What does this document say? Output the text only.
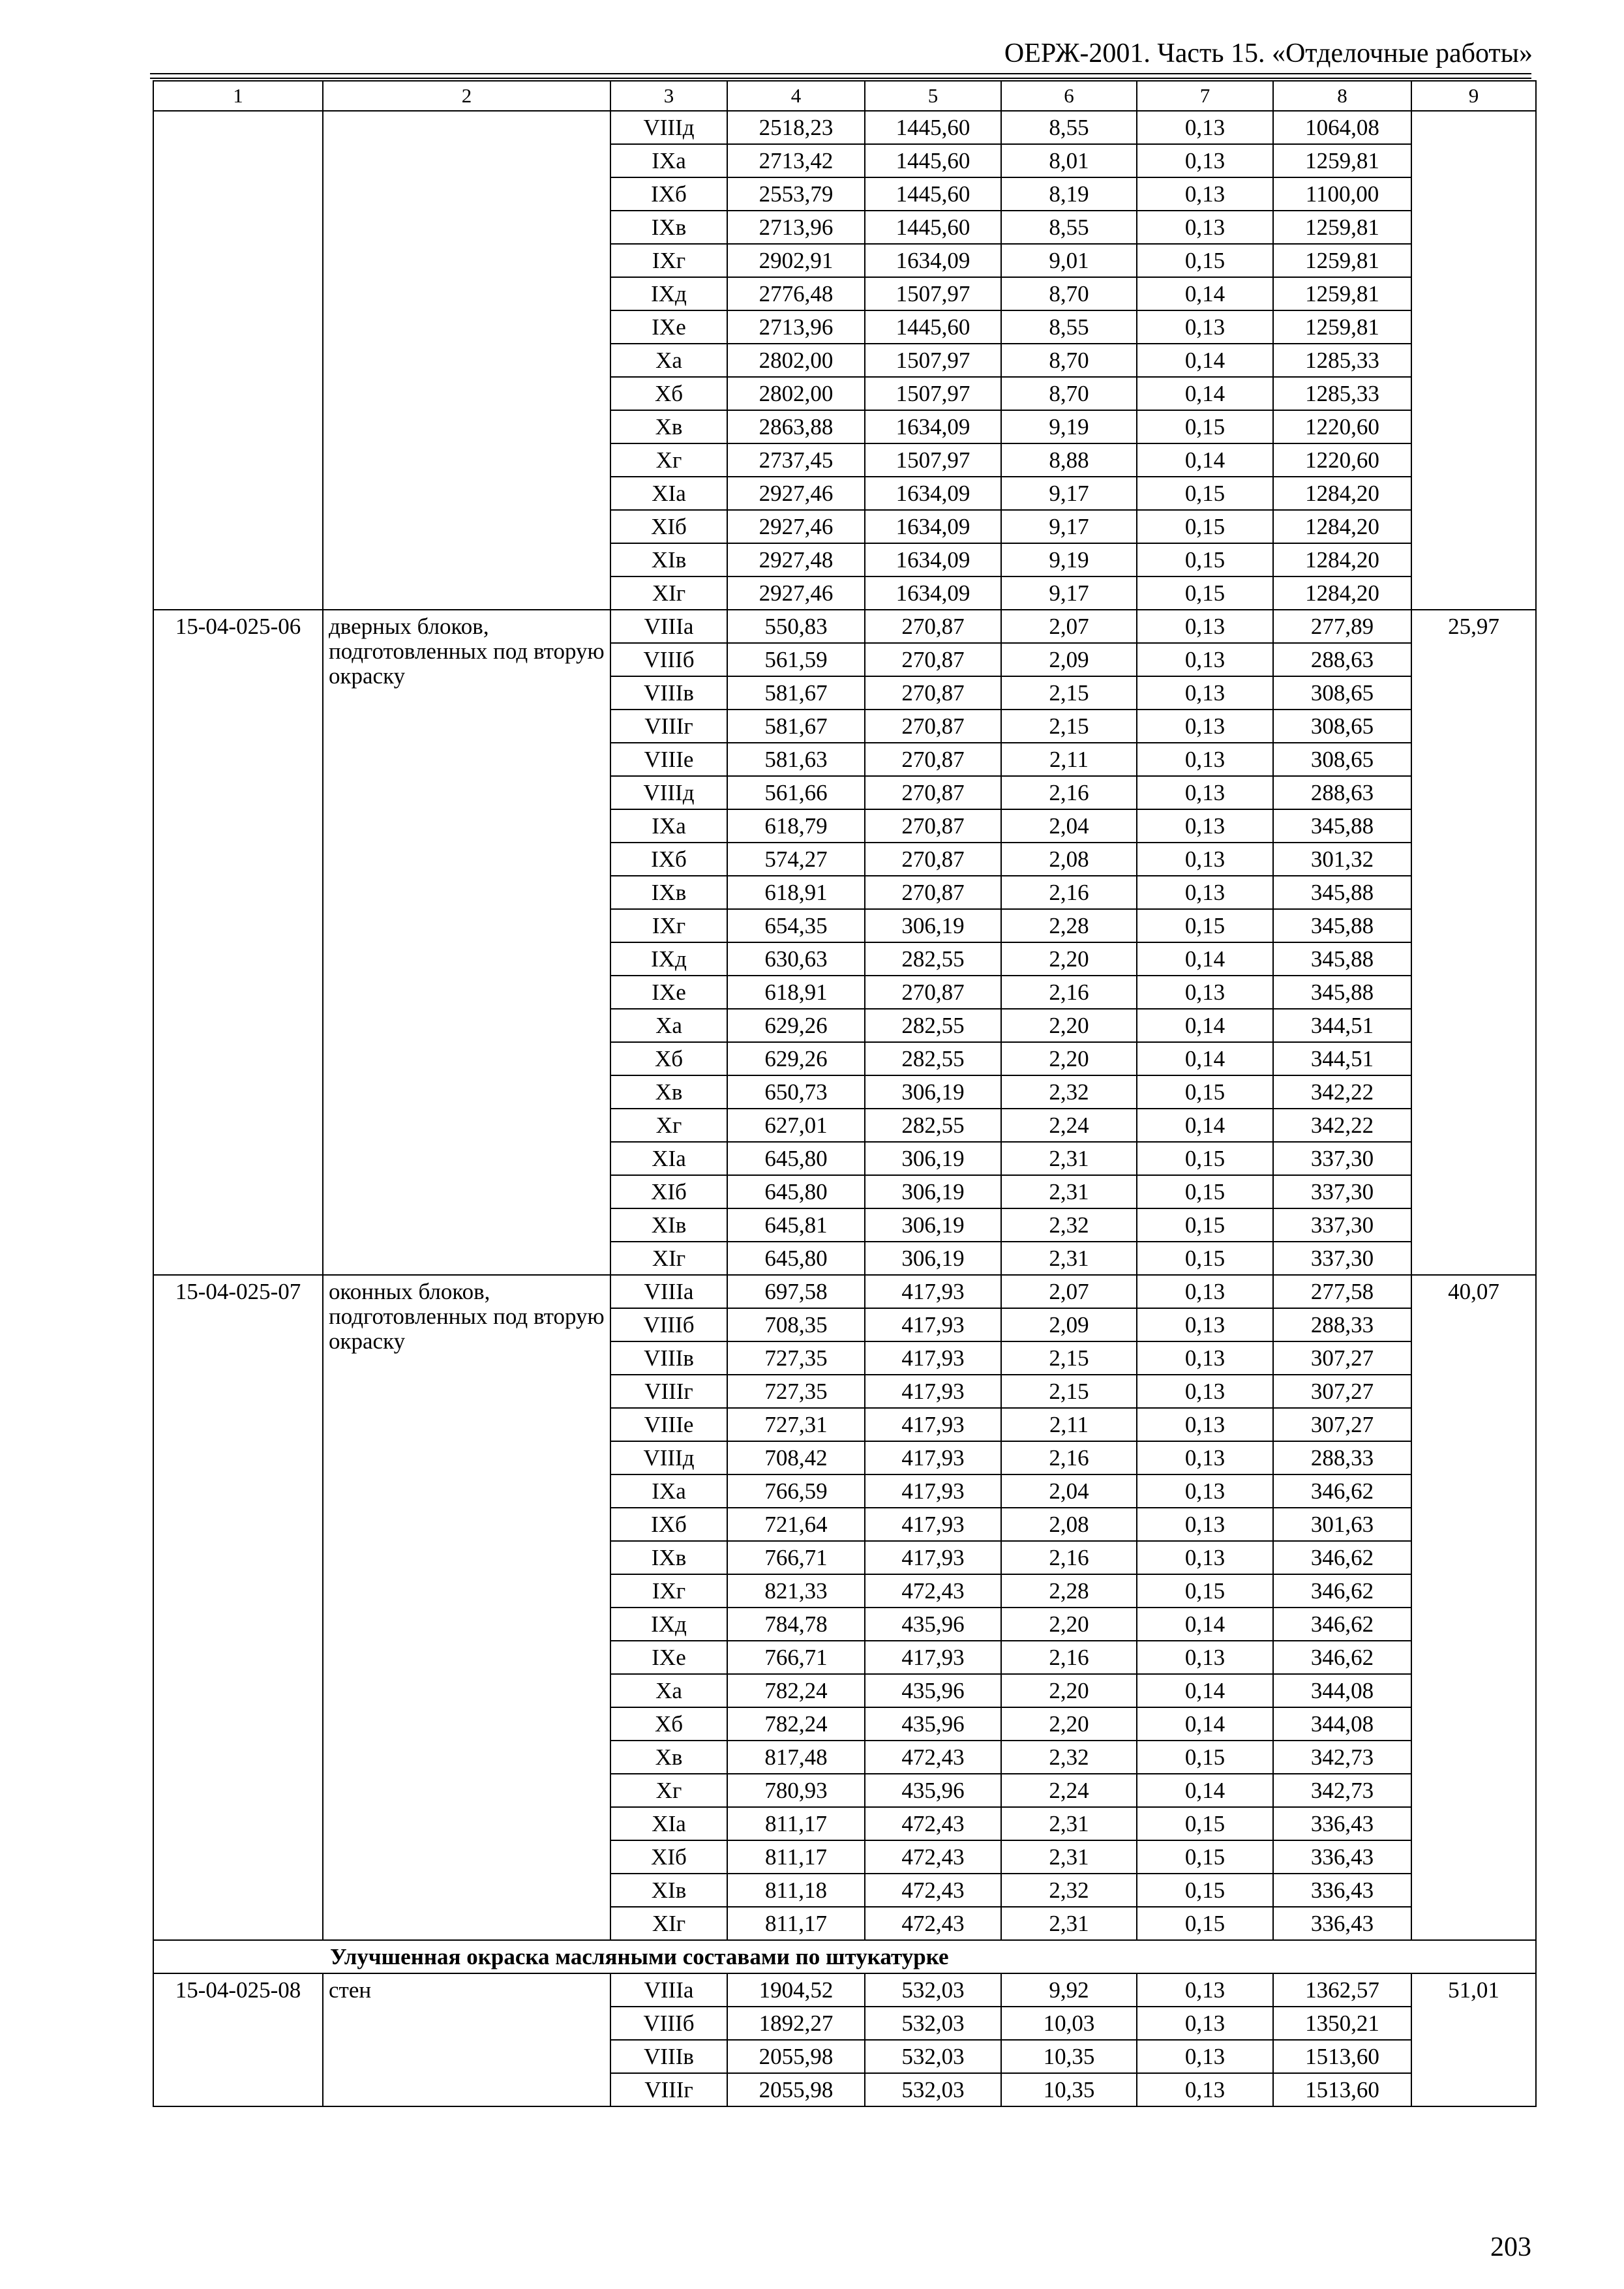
ОЕРЖ-2001. Часть 15. «Отделочные работы»
1	2	3	4	5	6	7	8	9
		VIIIд	2518,23	1445,60	8,55	0,13	1064,08	
		IXа	2713,42	1445,60	8,01	0,13	1259,81	
		IXб	2553,79	1445,60	8,19	0,13	1100,00	
		IXв	2713,96	1445,60	8,55	0,13	1259,81	
		IXг	2902,91	1634,09	9,01	0,15	1259,81	
		IXд	2776,48	1507,97	8,70	0,14	1259,81	
		IXе	2713,96	1445,60	8,55	0,13	1259,81	
		Xа	2802,00	1507,97	8,70	0,14	1285,33	
		Xб	2802,00	1507,97	8,70	0,14	1285,33	
		Xв	2863,88	1634,09	9,19	0,15	1220,60	
		Xг	2737,45	1507,97	8,88	0,14	1220,60	
		XIа	2927,46	1634,09	9,17	0,15	1284,20	
		XIб	2927,46	1634,09	9,17	0,15	1284,20	
		XIв	2927,48	1634,09	9,19	0,15	1284,20	
		XIг	2927,46	1634,09	9,17	0,15	1284,20	
15-04-025-06	дверных блоков, подготовленных под вторую окраску	VIIIа	550,83	270,87	2,07	0,13	277,89	25,97
		VIIIб	561,59	270,87	2,09	0,13	288,63	
		VIIIв	581,67	270,87	2,15	0,13	308,65	
		VIIIг	581,67	270,87	2,15	0,13	308,65	
		VIIIе	581,63	270,87	2,11	0,13	308,65	
		VIIIд	561,66	270,87	2,16	0,13	288,63	
		IXа	618,79	270,87	2,04	0,13	345,88	
		IXб	574,27	270,87	2,08	0,13	301,32	
		IXв	618,91	270,87	2,16	0,13	345,88	
		IXг	654,35	306,19	2,28	0,15	345,88	
		IXд	630,63	282,55	2,20	0,14	345,88	
		IXе	618,91	270,87	2,16	0,13	345,88	
		Xа	629,26	282,55	2,20	0,14	344,51	
		Xб	629,26	282,55	2,20	0,14	344,51	
		Xв	650,73	306,19	2,32	0,15	342,22	
		Xг	627,01	282,55	2,24	0,14	342,22	
		XIа	645,80	306,19	2,31	0,15	337,30	
		XIб	645,80	306,19	2,31	0,15	337,30	
		XIв	645,81	306,19	2,32	0,15	337,30	
		XIг	645,80	306,19	2,31	0,15	337,30	
15-04-025-07	оконных блоков, подготовленных под вторую окраску	VIIIа	697,58	417,93	2,07	0,13	277,58	40,07
		VIIIб	708,35	417,93	2,09	0,13	288,33	
		VIIIв	727,35	417,93	2,15	0,13	307,27	
		VIIIг	727,35	417,93	2,15	0,13	307,27	
		VIIIе	727,31	417,93	2,11	0,13	307,27	
		VIIIд	708,42	417,93	2,16	0,13	288,33	
		IXа	766,59	417,93	2,04	0,13	346,62	
		IXб	721,64	417,93	2,08	0,13	301,63	
		IXв	766,71	417,93	2,16	0,13	346,62	
		IXг	821,33	472,43	2,28	0,15	346,62	
		IXд	784,78	435,96	2,20	0,14	346,62	
		IXе	766,71	417,93	2,16	0,13	346,62	
		Xа	782,24	435,96	2,20	0,14	344,08	
		Xб	782,24	435,96	2,20	0,14	344,08	
		Xв	817,48	472,43	2,32	0,15	342,73	
		Xг	780,93	435,96	2,24	0,14	342,73	
		XIа	811,17	472,43	2,31	0,15	336,43	
		XIб	811,17	472,43	2,31	0,15	336,43	
		XIв	811,18	472,43	2,32	0,15	336,43	
		XIг	811,17	472,43	2,31	0,15	336,43	
Улучшенная окраска масляными составами по штукатурке								
15-04-025-08	стен	VIIIа	1904,52	532,03	9,92	0,13	1362,57	51,01
		VIIIб	1892,27	532,03	10,03	0,13	1350,21	
		VIIIв	2055,98	532,03	10,35	0,13	1513,60	
		VIIIг	2055,98	532,03	10,35	0,13	1513,60	
203
